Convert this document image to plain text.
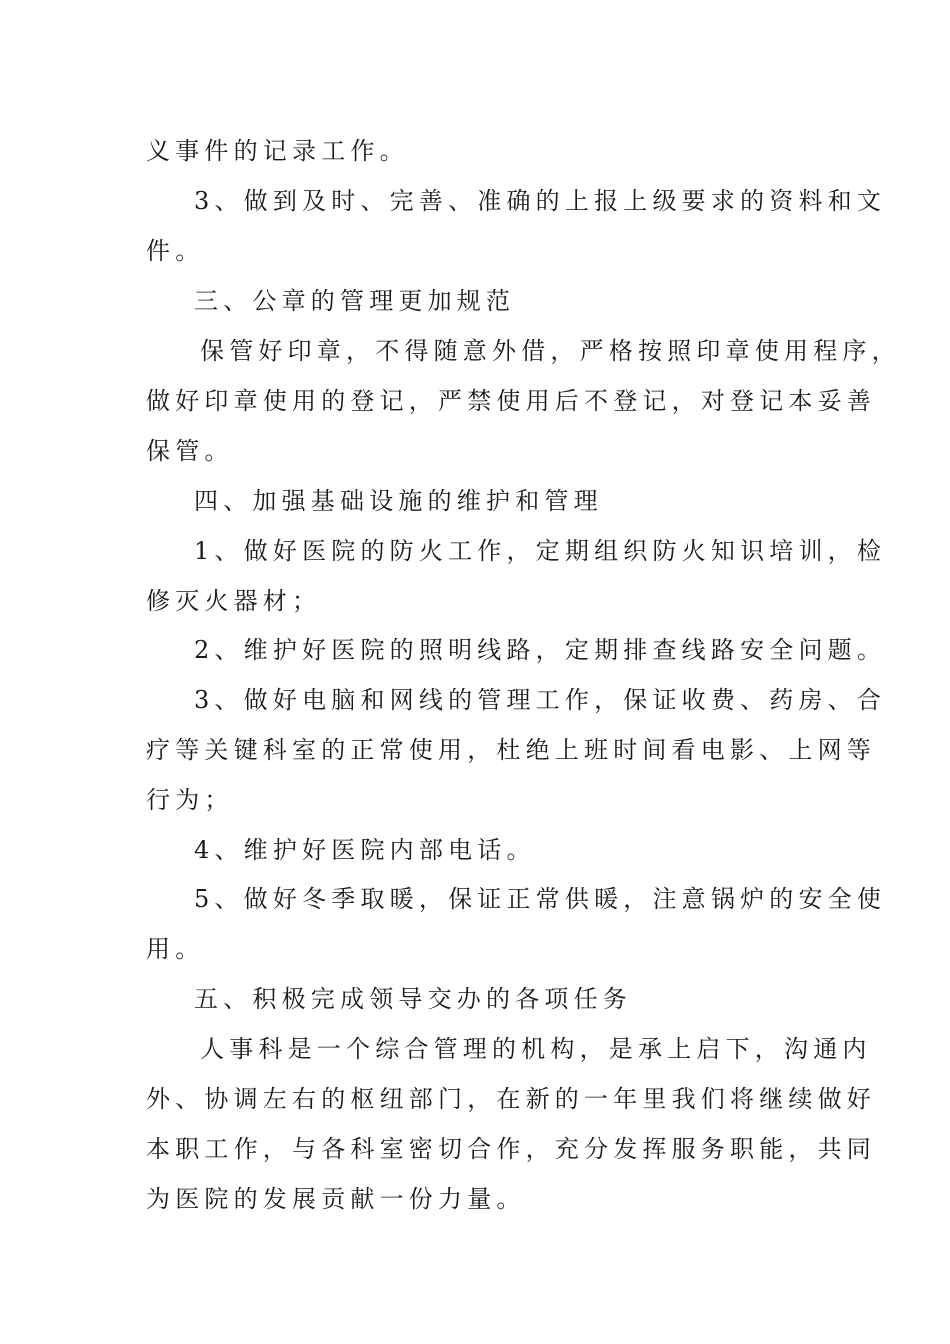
义事件的记录工作。
3、做到及时、完善、准确的上报上级要求的资料和文
件。
三、公章的管理更加规范
保管好印章，不得随意外借，严格按照印章使用程序，
做好印章使用的登记，严禁使用后不登记，对登记本妥善
保管。
四、加强基础设施的维护和管理
1、做好医院的防火工作，定期组织防火知识培训，检
修灭火器材；
2、维护好医院的照明线路，定期排查线路安全问题。
3、做好电脑和网线的管理工作，保证收费、药房、合
疗等关键科室的正常使用，杜绝上班时间看电影、上网等
行为；
4、维护好医院内部电话。
5、做好冬季取暖，保证正常供暖，注意锅炉的安全使
用。
五、积极完成领导交办的各项任务
人事科是一个综合管理的机构，是承上启下，沟通内
外、协调左右的枢纽部门，在新的一年里我们将继续做好
本职工作，与各科室密切合作，充分发挥服务职能，共同
为医院的发展贡献一份力量。
